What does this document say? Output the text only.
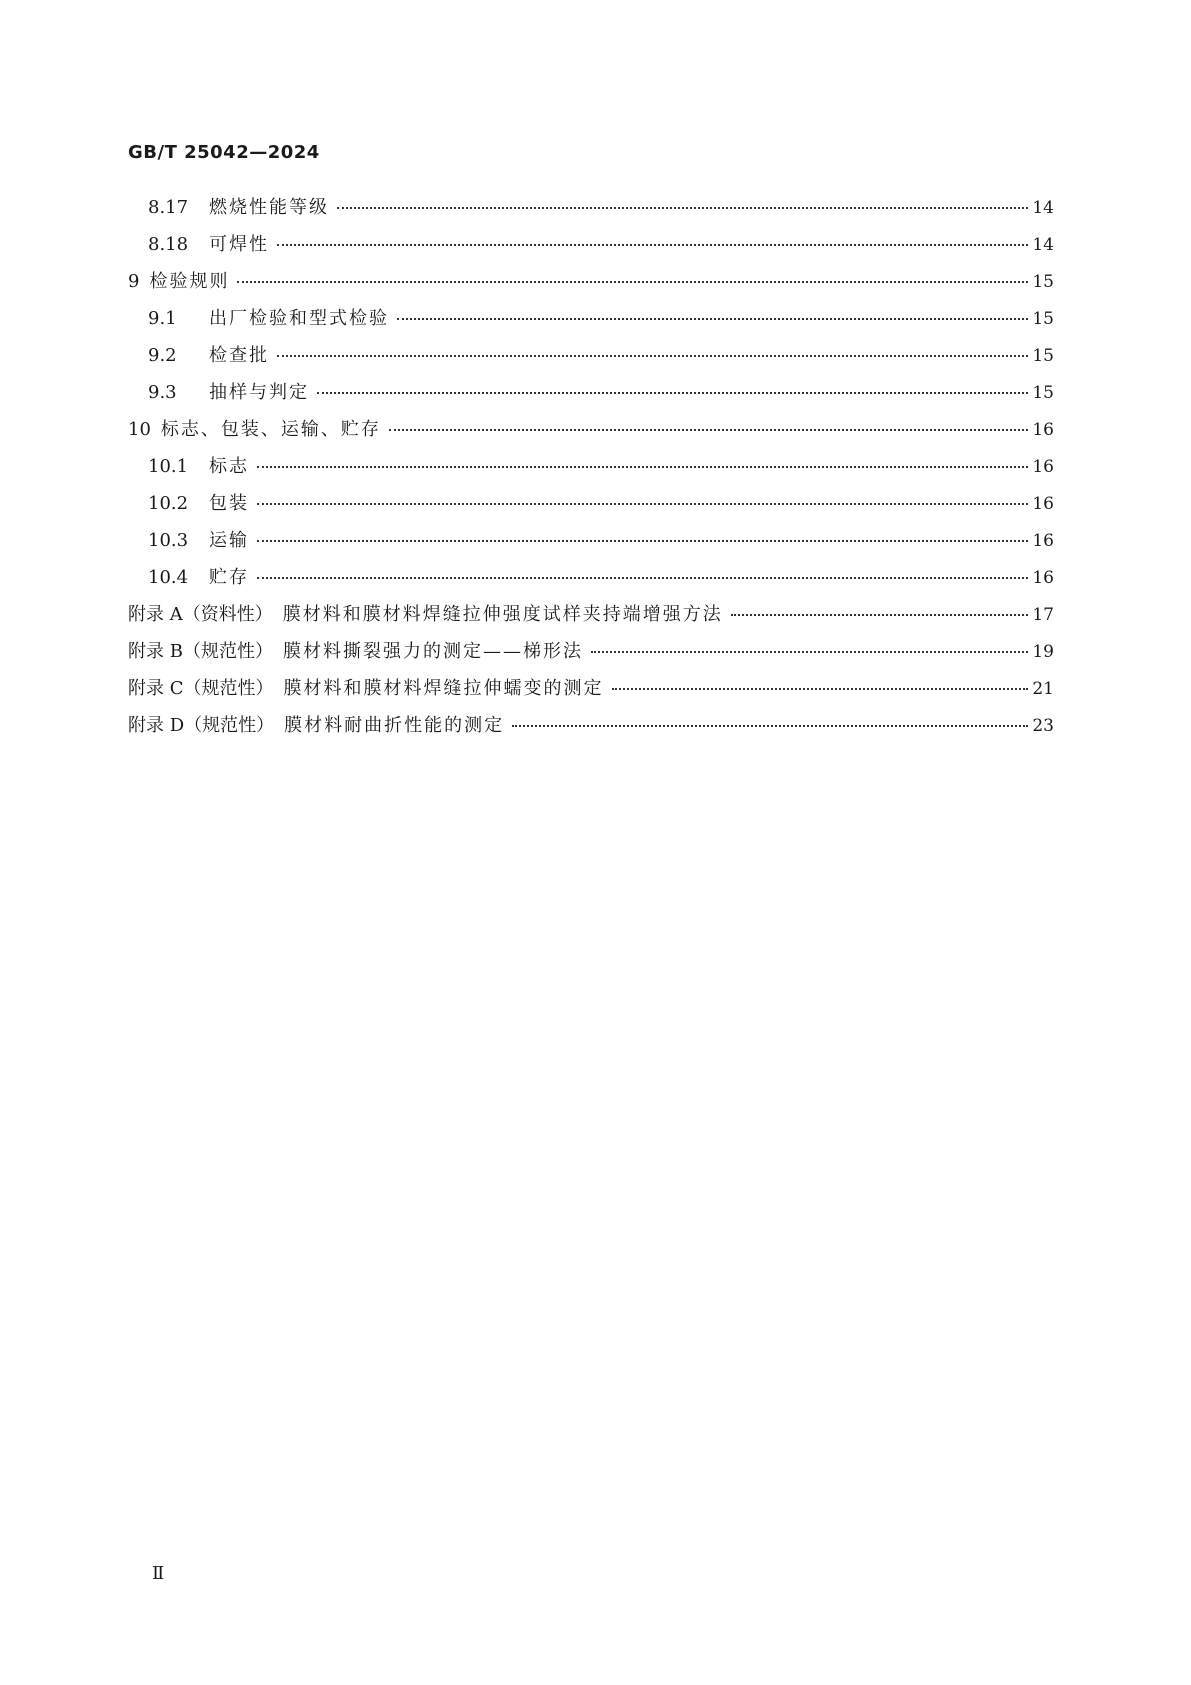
GB/T 25042—2024
8.17	燃烧性能等级	14
8.18	可焊性	14
9 检验规则	15
9.1	出厂检验和型式检验	15
9.2	检查批	15
9.3	抽样与判定	15
10 标志、包装、运输、贮存	16
10.1	标志	16
10.2	包装	16
10.3	运输	16
10.4	贮存	16
附录 A（资料性） 膜材料和膜材料焊缝拉伸强度试样夹持端增强方法	17
附录 B（规范性） 膜材料撕裂强力的测定——梯形法	19
附录 C（规范性） 膜材料和膜材料焊缝拉伸蠕变的测定	21
附录 D（规范性） 膜材料耐曲折性能的测定	23
Ⅱ
